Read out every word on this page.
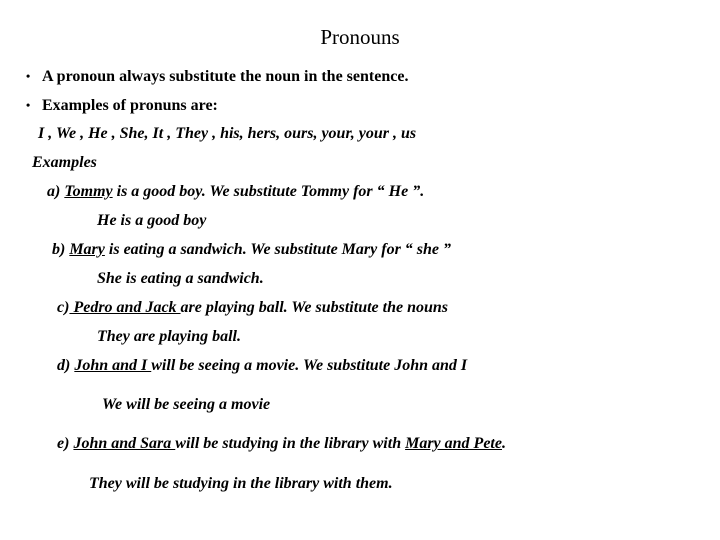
Pronouns
• A pronoun always substitute the noun in the sentence.
• Examples of pronuns are:
I , We , He , She, It , They , his, hers, ours, your, your , us
Examples
a) Tommy is a good boy. We substitute Tommy for “ He ”.
He is a good boy
b) Mary is eating a sandwich. We substitute Mary for “ she ”
She is eating a sandwich.
c) Pedro and Jack are playing ball. We substitute the nouns
They are playing ball.
d) John and I will be seeing a movie. We substitute John and I
We will be seeing a movie
e) John and Sara will be studying in the library with Mary and Pete.
They will be studying in the library with them.
